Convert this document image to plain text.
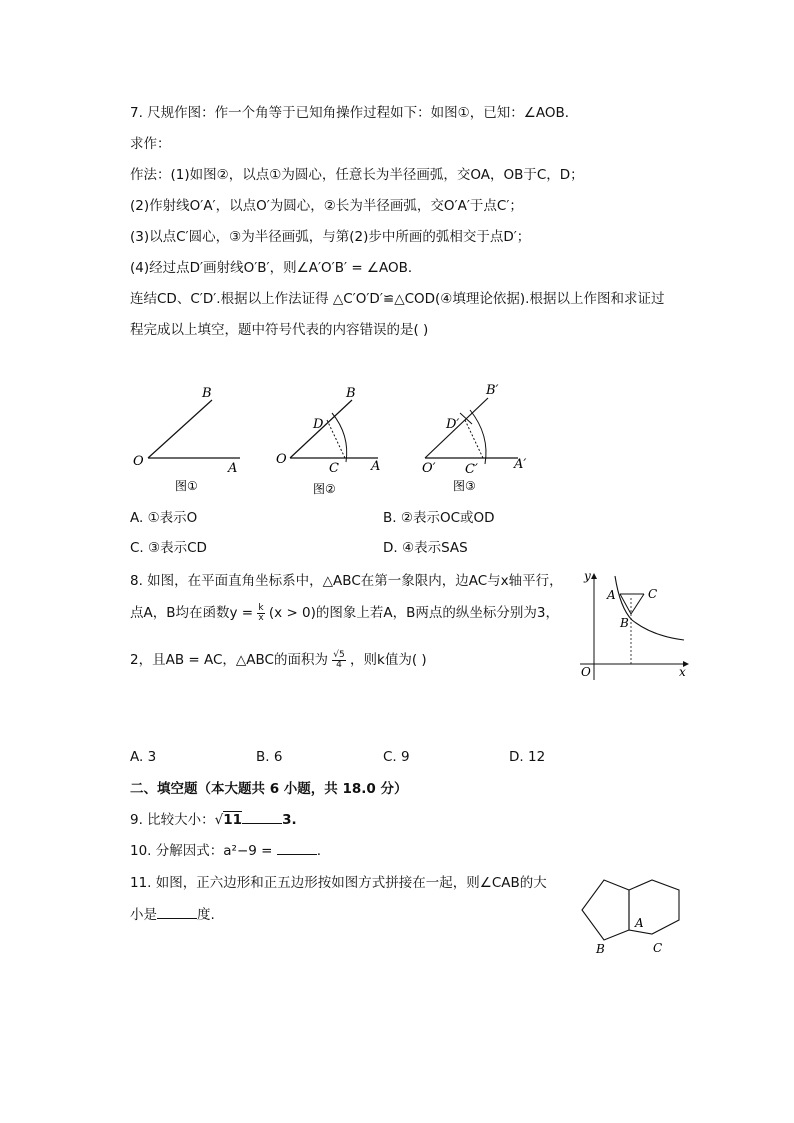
7. 尺规作图：作一个角等于已知角操作过程如下：如图①，已知：∠AOB．
求作：
作法：(1)如图②，以点①为圆心，任意长为半径画弧，交OA，OB于C，D；
(2)作射线O′A′，以点O′为圆心，②长为半径画弧，交O′A′于点C′；
(3)以点C′圆心，③为半径画弧，与第(2)步中所画的弧相交于点D′；
(4)经过点D′画射线O′B′，则∠A′O′B′ = ∠AOB．
连结CD、C′D′.根据以上作法证得 △C′O′D′≌△COD(④填理论依据).根据以上作图和求证过
程完成以上填空，题中符号代表的内容错误的是( )
B
O	A
图①
B
D
O
C A
图②
B′
D′
O′ C′	A′
图③
A. ①表示O	B. ②表示OC或OD
C. ③表示CD	D. ④表示SAS
8. 如图，在平面直角坐标系中，△ABC在第一象限内，边AC与x轴平行，
点A，B均在函数$y = \frac{k}{x} (x > 0)$的图象上若A，B两点的纵坐标分别为3，
2，且AB = AC，△ABC的面积为 $\frac{√5}{4}$ ，则k值为( )
y
A	C
B
O	x
A. 3	B. 6	C. 9	D. 12
二、填空题（本大题共 6 小题，共 18.0 分）
9. 比较大小：√11	3.
10. 分解因式：a²−9 =	.
11. 如图，正六边形和正五边形按如图方式拼接在一起，则∠CAB的大
小是	度.	A
B	C
